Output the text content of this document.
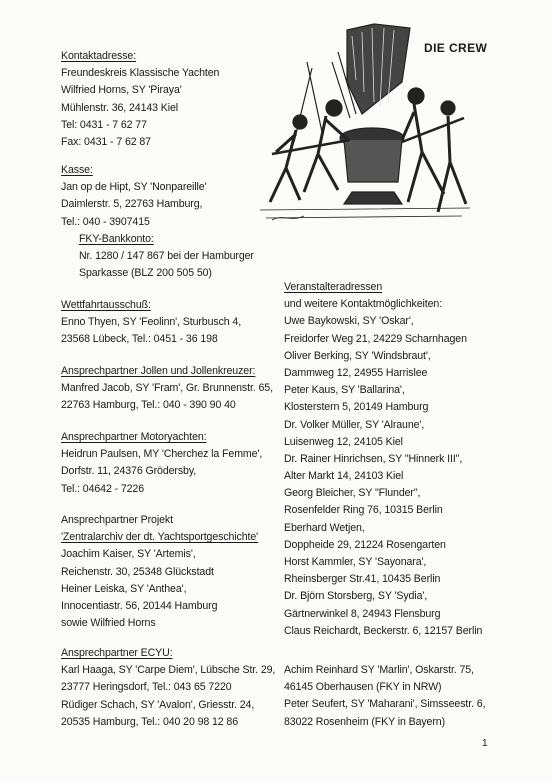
DIE CREW
Kontaktadresse:
Freundeskreis Klassische Yachten
Wilfried Horns, SY 'Piraya'
Mühlenstr. 36, 24143 Kiel
Tel: 0431 - 7 62 77
Fax: 0431 - 7 62 87
Kasse:
Jan op de Hipt, SY 'Nonpareille'
Daimlerstr. 5, 22763 Hamburg,
Tel.: 040 - 3907415
FKY-Bankkonto:
Nr. 1280 / 147 867 bei der Hamburger
Sparkasse (BLZ 200 505 50)
Wettfahrtausschuß:
Enno Thyen, SY 'Feolinn', Sturbusch 4,
23568 Lübeck, Tel.: 0451 - 36 198
Ansprechpartner Jollen und Jollenkreuzer:
Manfred Jacob, SY 'Fram', Gr. Brunnenstr. 65,
22763 Hamburg, Tel.: 040 - 390 90 40
Ansprechpartner Motoryachten:
Heidrun Paulsen, MY 'Cherchez la Femme',
Dorfstr. 11, 24376 Grödersby,
Tel.: 04642 - 7226
Ansprechpartner Projekt
'Zentralarchiv der dt. Yachtsportgeschichte'
Joachim Kaiser, SY 'Artemis',
Reichenstr. 30, 25348 Glückstadt
Heiner Leiska, SY 'Anthea',
Innocentiastr. 56, 20144 Hamburg
sowie Wilfried Horns
Ansprechpartner ECYU:
Karl Haaga, SY 'Carpe Diem', Lübsche Str. 29,
23777 Heringsdorf, Tel.: 043 65 7220
Rüdiger Schach, SY 'Avalon', Griesstr. 24,
20535 Hamburg, Tel.: 040 20 98 12 86
Veranstalteradressen
und weitere Kontaktmöglichkeiten:
Uwe Baykowski, SY 'Oskar',
Freidorfer Weg 21, 24229 Scharnhagen
Oliver Berking, SY 'Windsbraut',
Dammweg 12, 24955 Harrislee
Peter Kaus, SY 'Ballarina',
Klosterstern 5, 20149 Hamburg
Dr. Volker Müller, SY 'Alraune',
Luisenweg 12, 24105 Kiel
Dr. Rainer Hinrichsen, SY "Hinnerk III",
Alter Markt 14, 24103 Kiel
Georg Bleicher, SY "Flunder",
Rosenfelder Ring 76, 10315 Berlin
Eberhard Wetjen,
Doppheide 29, 21224 Rosengarten
Horst Kammler, SY 'Sayonara',
Rheinsberger Str.41, 10435 Berlin
Dr. Björn Storsberg, SY 'Sydia',
Gärtnerwinkel 8, 24943 Flensburg
Claus Reichardt, Beckerstr. 6, 12157 Berlin
Achim Reinhard SY 'Marlin', Oskarstr. 75,
46145 Oberhausen (FKY in NRW)
Peter Seufert, SY 'Maharani', Simsseestr. 6,
83022 Rosenheim (FKY in Bayern)
1
